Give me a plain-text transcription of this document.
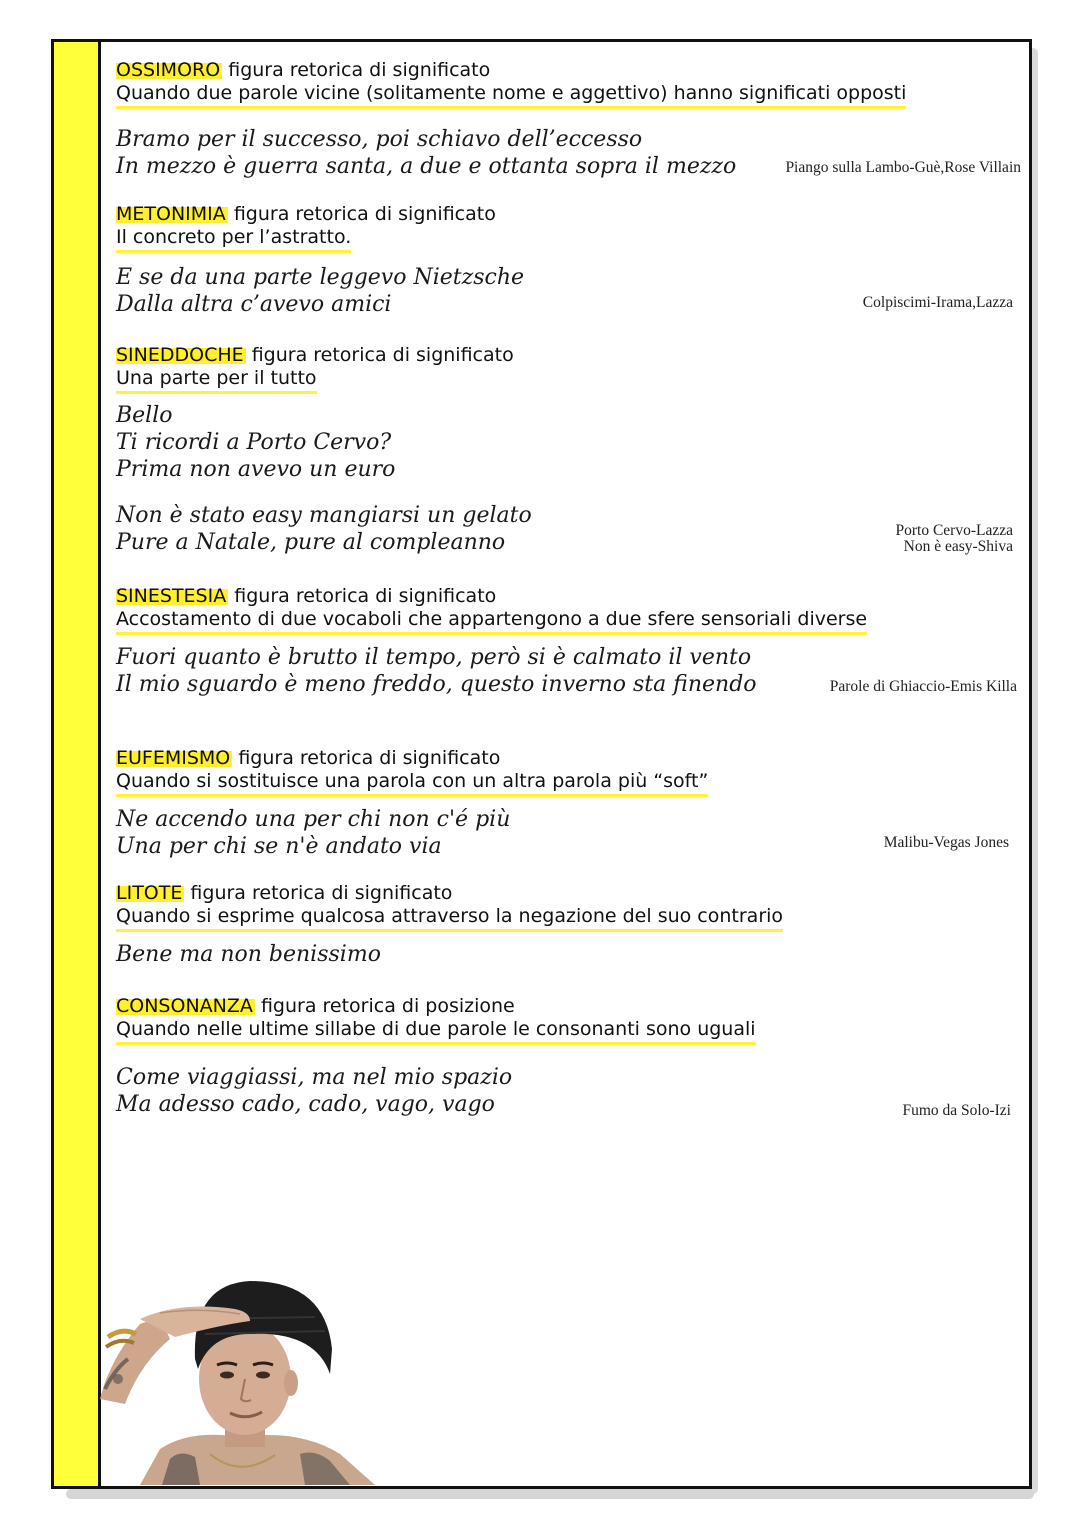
OSSIMORO figura retorica di significato
Quando due parole vicine (solitamente nome e aggettivo) hanno significati opposti
Bramo per il successo, poi schiavo dell’eccesso
In mezzo è guerra santa, a due e ottanta sopra il mezzo	Piango sulla Lambo-Guè,Rose Villain
METONIMIA figura retorica di significato
Il concreto per l’astratto.
E se da una parte leggevo Nietzsche
Dalla altra c’avevo amici	Colpiscimi-Irama,Lazza
SINEDDOCHE figura retorica di significato
Una parte per il tutto
Bello
Ti ricordi a Porto Cervo?
Prima non avevo un euro
Non è stato easy mangiarsi un gelato
Pure a Natale, pure al compleanno	Porto Cervo-Lazza
Non è easy-Shiva
SINESTESIA figura retorica di significato
Accostamento di due vocaboli che appartengono a due sfere sensoriali diverse
Fuori quanto è brutto il tempo, però si è calmato il vento
Il mio sguardo è meno freddo, questo inverno sta finendo	Parole di Ghiaccio-Emis Killa
EUFEMISMO figura retorica di significato
Quando si sostituisce una parola con un altra parola più “soft”
Ne accendo una per chi non c'é più
Una per chi se n'è andato via	Malibu-Vegas Jones
LITOTE figura retorica di significato
Quando si esprime qualcosa attraverso la negazione del suo contrario
Bene ma non benissimo
CONSONANZA figura retorica di posizione
Quando nelle ultime sillabe di due parole le consonanti sono uguali
Come viaggiassi, ma nel mio spazio
Ma adesso cado, cado, vago, vago	Fumo da Solo-Izi
